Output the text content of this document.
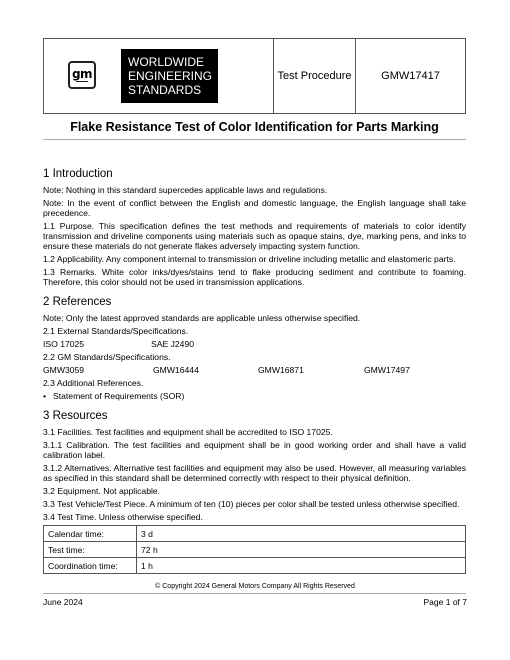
gm
WORLDWIDE
ENGINEERING
STANDARDS
Test Procedure	GMW17417
Flake Resistance Test of Color Identification for Parts Marking
1 Introduction
Note: Nothing in this standard supercedes applicable laws and regulations.
Note: In the event of conflict between the English and domestic language, the English language shall take precedence.
1.1 Purpose. This specification defines the test methods and requirements of materials to color identify transmission and driveline components using materials such as opaque stains, dye, marking pens, and inks to ensure these materials do not generate flakes adversely impacting system function.
1.2 Applicability. Any component internal to transmission or driveline including metallic and elastomeric parts.
1.3 Remarks. White color inks/dyes/stains tend to flake producing sediment and contribute to foaming. Therefore, this color should not be used in transmission applications.
2 References
Note: Only the latest approved standards are applicable unless otherwise specified.
2.1 External Standards/Specifications.
ISO 17025	SAE J2490
2.2 GM Standards/Specifications.
GMW3059	GMW16444	GMW16871	GMW17497
2.3 Additional References.
• Statement of Requirements (SOR)
3 Resources
3.1 Facilities. Test facilities and equipment shall be accredited to ISO 17025.
3.1.1 Calibration. The test facilities and equipment shall be in good working order and shall have a valid calibration label.
3.1.2 Alternatives. Alternative test facilities and equipment may also be used. However, all measuring variables as specified in this standard shall be determined correctly with respect to their physical definition.
3.2 Equipment. Not applicable.
3.3 Test Vehicle/Test Piece. A minimum of ten (10) pieces per color shall be tested unless otherwise specified.
3.4 Test Time. Unless otherwise specified.
Calendar time:	3 d
Test time:	72 h
Coordination time:	1 h
© Copyright 2024 General Motors Company All Rights Reserved
June 2024	Page 1 of 7
